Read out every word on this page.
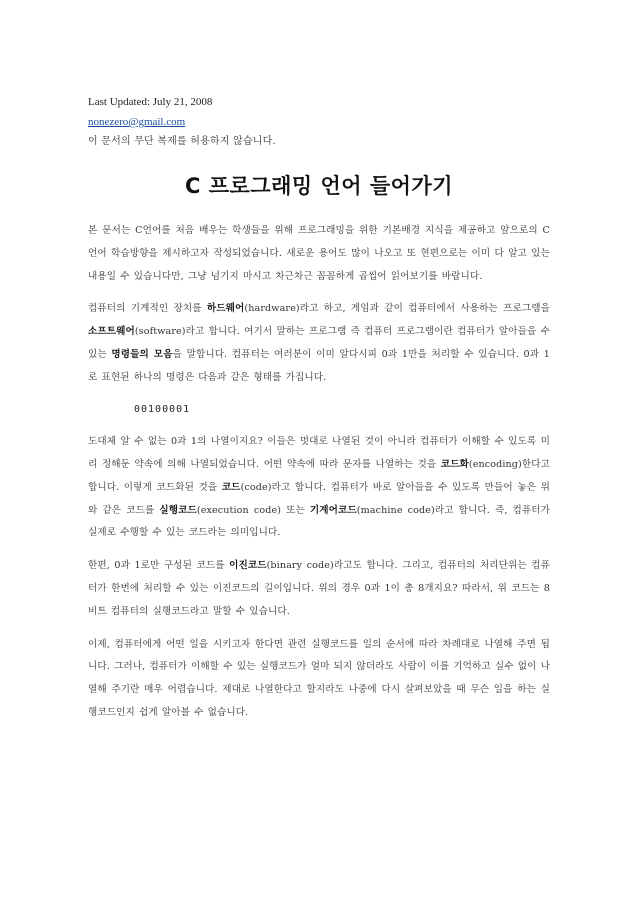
Last Updated: July 21, 2008
nonezero@gmail.com
이 문서의 무단 복제를 허용하지 않습니다.
C 프로그래밍 언어 들어가기

본 문서는 C언어를 처음 배우는 학생들을 위해 프로그래밍을 위한 기본배경 지식을 제공하고 앞으로의 C언어 학습방향을 제시하고자 작성되었습니다. 새로운 용어도 많이 나오고 또 현편으로는 이미 다 알고 있는 내용일 수 있습니다만, 그냥 넘기지 마시고 차근차근 꼼꼼하게 곱씹어 읽어보기를 바랍니다.

컴퓨터의 기계적인 장치를 하드웨어(hardware)라고 하고, 게임과 같이 컴퓨터에서 사용하는 프로그램을 소프트웨어(software)라고 합니다. 여기서 말하는 프로그램 즉 컴퓨터 프로그램이란 컴퓨터가 알아들을 수 있는 명령들의 모음을 말합니다. 컴퓨터는 여러분이 이미 알다시피 0과 1만을 처리할 수 있습니다. 0과 1로 표현된 하나의 명령은 다음과 같은 형태를 가집니다.

00100001

도대체 알 수 없는 0과 1의 나열이지요? 이들은 멋대로 나열된 것이 아니라 컴퓨터가 이해할 수 있도록 미리 정해둔 약속에 의해 나열되었습니다. 어떤 약속에 따라 문자를 나열하는 것을 코드화(encoding)한다고 합니다. 이렇게 코드화된 것을 코드(code)라고 합니다. 컴퓨터가 바로 알아들을 수 있도록 만들어 놓은 위와 같은 코드를 실행코드(execution code) 또는 기계어코드(machine code)라고 합니다. 즉, 컴퓨터가 실제로 수행할 수 있는 코드라는 의미입니다.

한편, 0과 1로만 구성된 코드를 이진코드(binary code)라고도 합니다. 그리고, 컴퓨터의 처리단위는 컴퓨터가 한번에 처리할 수 있는 이진코드의 길이입니다. 위의 경우 0과 1이 총 8개지요? 따라서, 위 코드는 8비트 컴퓨터의 실행코드라고 말할 수 있습니다.

이제, 컴퓨터에게 어떤 일을 시키고자 한다면 관련 실행코드를 일의 순서에 따라 차례대로 나열해 주면 됩니다. 그러나, 컴퓨터가 이해할 수 있는 실행코드가 얼마 되지 않더라도 사람이 이를 기억하고 실수 없이 나열해 주기란 매우 어렵습니다. 제대로 나열한다고 할지라도 나중에 다시 살펴보았을 때 무슨 일을 하는 실행코드인지 쉽게 알아볼 수 없습니다.
